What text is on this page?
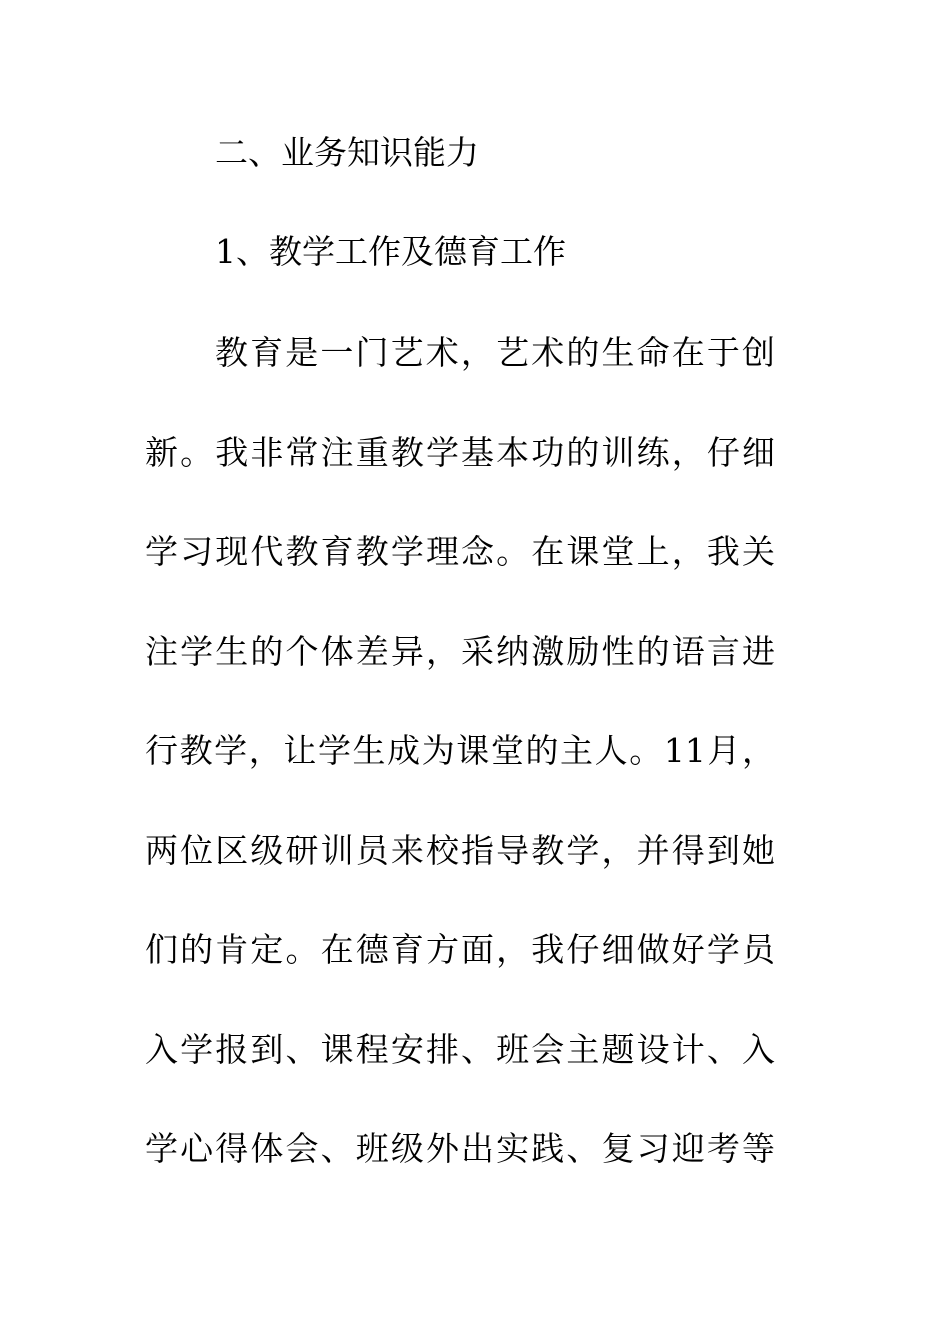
二、业务知识能力
1、教学工作及德育工作
教育是一门艺术，艺术的生命在于创
新。我非常注重教学基本功的训练，仔细
学习现代教育教学理念。在课堂上，我关
注学生的个体差异，采纳激励性的语言进
行教学，让学生成为课堂的主人。11月，
两位区级研训员来校指导教学，并得到她
们的肯定。在德育方面，我仔细做好学员
入学报到、课程安排、班会主题设计、入
学心得体会、班级外出实践、复习迎考等
